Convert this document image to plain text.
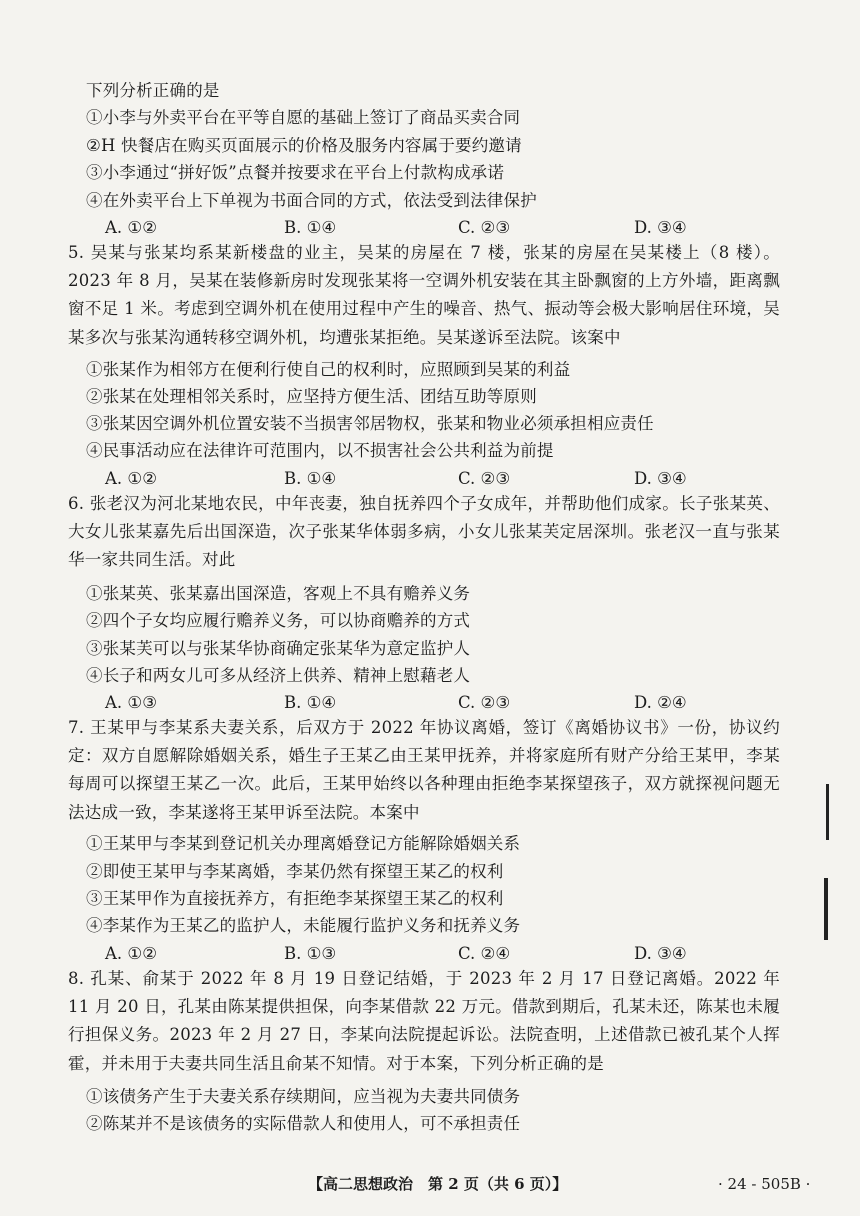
下列分析正确的是
①小李与外卖平台在平等自愿的基础上签订了商品买卖合同
②H 快餐店在购买页面展示的价格及服务内容属于要约邀请
③小李通过“拼好饭”点餐并按要求在平台上付款构成承诺
④在外卖平台上下单视为书面合同的方式，依法受到法律保护
A. ①②	B. ①④	C. ②③	D. ③④
5. 吴某与张某均系某新楼盘的业主，吴某的房屋在 7 楼，张某的房屋在吴某楼上（8 楼）。2023 年 8 月，吴某在装修新房时发现张某将一空调外机安装在其主卧飘窗的上方外墙，距离飘窗不足 1 米。考虑到空调外机在使用过程中产生的噪音、热气、振动等会极大影响居住环境，吴某多次与张某沟通转移空调外机，均遭张某拒绝。吴某遂诉至法院。该案中
①张某作为相邻方在便利行使自己的权利时，应照顾到吴某的利益
②张某在处理相邻关系时，应坚持方便生活、团结互助等原则
③张某因空调外机位置安装不当损害邻居物权，张某和物业必须承担相应责任
④民事活动应在法律许可范围内，以不损害社会公共利益为前提
A. ①②	B. ①④	C. ②③	D. ③④
6. 张老汉为河北某地农民，中年丧妻，独自抚养四个子女成年，并帮助他们成家。长子张某英、大女儿张某嘉先后出国深造，次子张某华体弱多病，小女儿张某芙定居深圳。张老汉一直与张某华一家共同生活。对此
①张某英、张某嘉出国深造，客观上不具有赡养义务
②四个子女均应履行赡养义务，可以协商赡养的方式
③张某芙可以与张某华协商确定张某华为意定监护人
④长子和两女儿可多从经济上供养、精神上慰藉老人
A. ①③	B. ①④	C. ②③	D. ②④
7. 王某甲与李某系夫妻关系，后双方于 2022 年协议离婚，签订《离婚协议书》一份，协议约定：双方自愿解除婚姻关系，婚生子王某乙由王某甲抚养，并将家庭所有财产分给王某甲，李某每周可以探望王某乙一次。此后，王某甲始终以各种理由拒绝李某探望孩子，双方就探视问题无法达成一致，李某遂将王某甲诉至法院。本案中
①王某甲与李某到登记机关办理离婚登记方能解除婚姻关系
②即使王某甲与李某离婚，李某仍然有探望王某乙的权利
③王某甲作为直接抚养方，有拒绝李某探望王某乙的权利
④李某作为王某乙的监护人，未能履行监护义务和抚养义务
A. ①②	B. ①③	C. ②④	D. ③④
8. 孔某、俞某于 2022 年 8 月 19 日登记结婚，于 2023 年 2 月 17 日登记离婚。2022 年 11 月 20 日，孔某由陈某提供担保，向李某借款 22 万元。借款到期后，孔某未还，陈某也未履行担保义务。2023 年 2 月 27 日，李某向法院提起诉讼。法院查明，上述借款已被孔某个人挥霍，并未用于夫妻共同生活且俞某不知情。对于本案，下列分析正确的是
①该债务产生于夫妻关系存续期间，应当视为夫妻共同债务
②陈某并不是该债务的实际借款人和使用人，可不承担责任
【高二思想政治　第 2 页（共 6 页）】	· 24 - 505B ·
